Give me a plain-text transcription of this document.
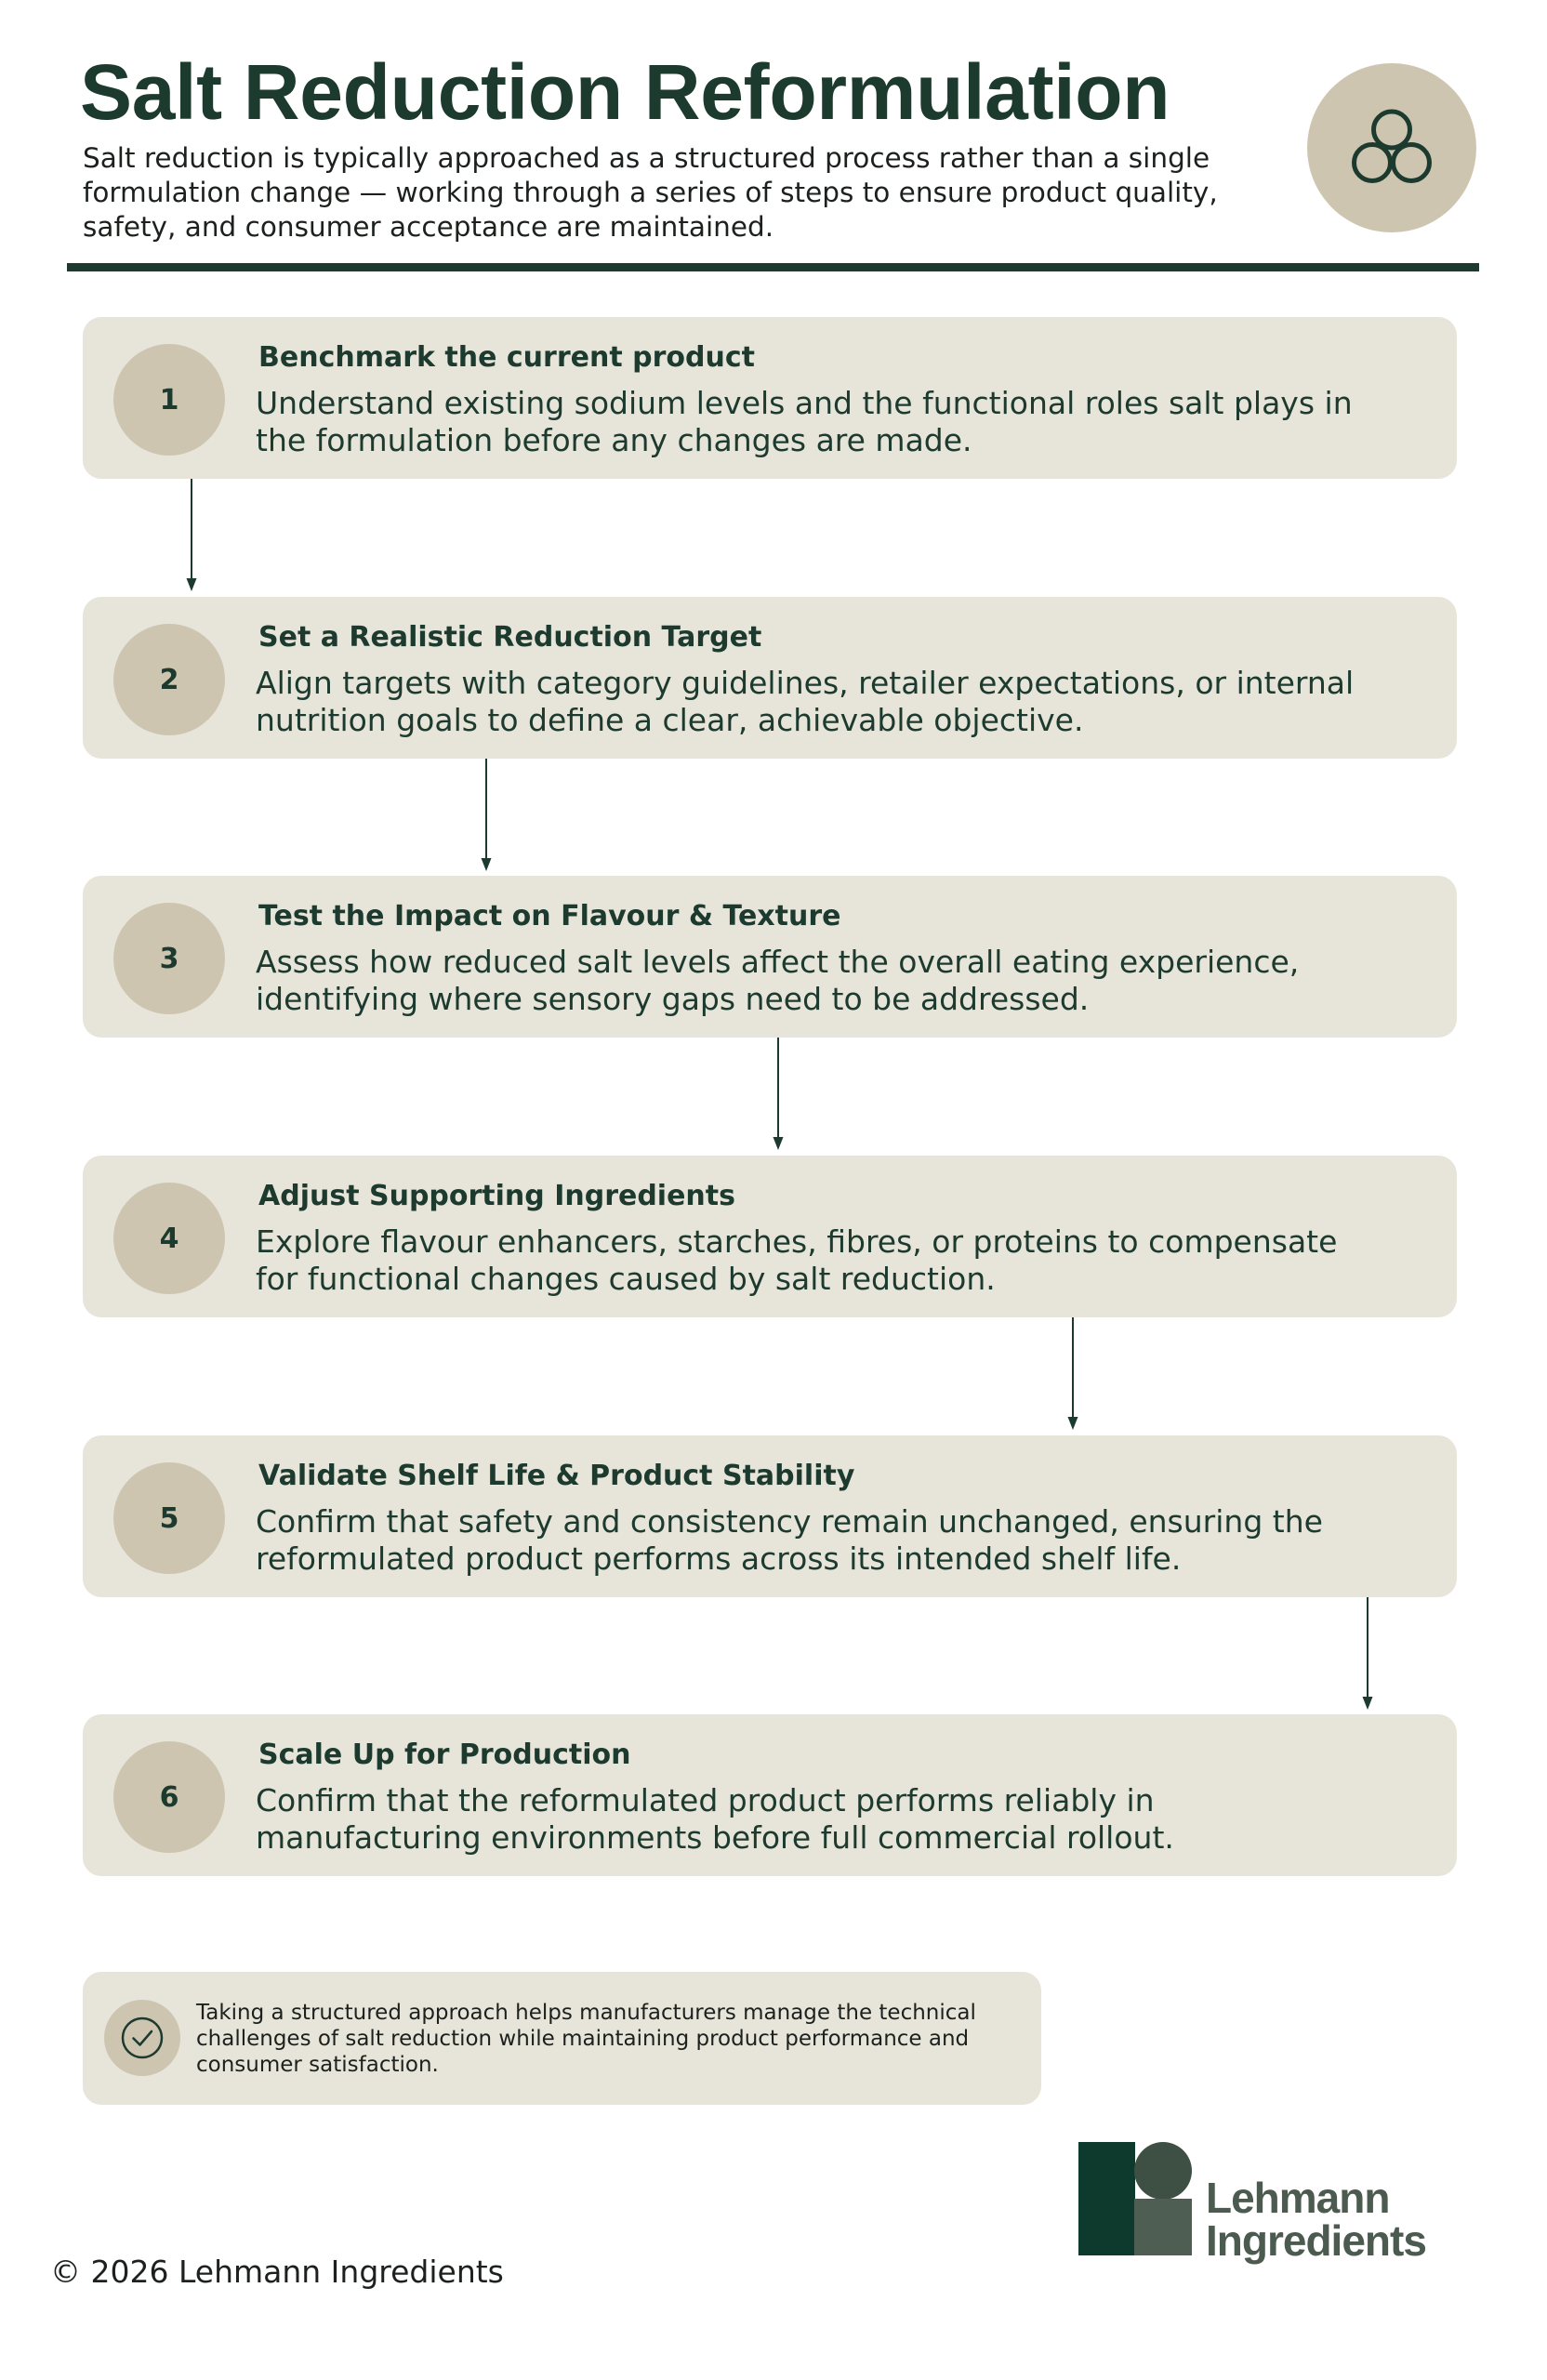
Salt Reduction Reformulation

Salt reduction is typically approached as a structured process rather than a single
formulation change — working through a series of steps to ensure product quality,
safety, and consumer acceptance are maintained.

1
Benchmark the current product
Understand existing sodium levels and the functional roles salt plays in
the formulation before any changes are made.
2
Set a Realistic Reduction Target
Align targets with category guidelines, retailer expectations, or internal
nutrition goals to define a clear, achievable objective.
3
Test the Impact on Flavour & Texture
Assess how reduced salt levels affect the overall eating experience,
identifying where sensory gaps need to be addressed.
4
Adjust Supporting Ingredients
Explore flavour enhancers, starches, fibres, or proteins to compensate
for functional changes caused by salt reduction.
5
Validate Shelf Life & Product Stability
Confirm that safety and consistency remain unchanged, ensuring the
reformulated product performs across its intended shelf life.
6
Scale Up for Production
Confirm that the reformulated product performs reliably in
manufacturing environments before full commercial rollout.
Taking a structured approach helps manufacturers manage the technical
challenges of salt reduction while maintaining product performance and
consumer satisfaction.
Lehmann
Ingredients
© 2026 Lehmann Ingredients
